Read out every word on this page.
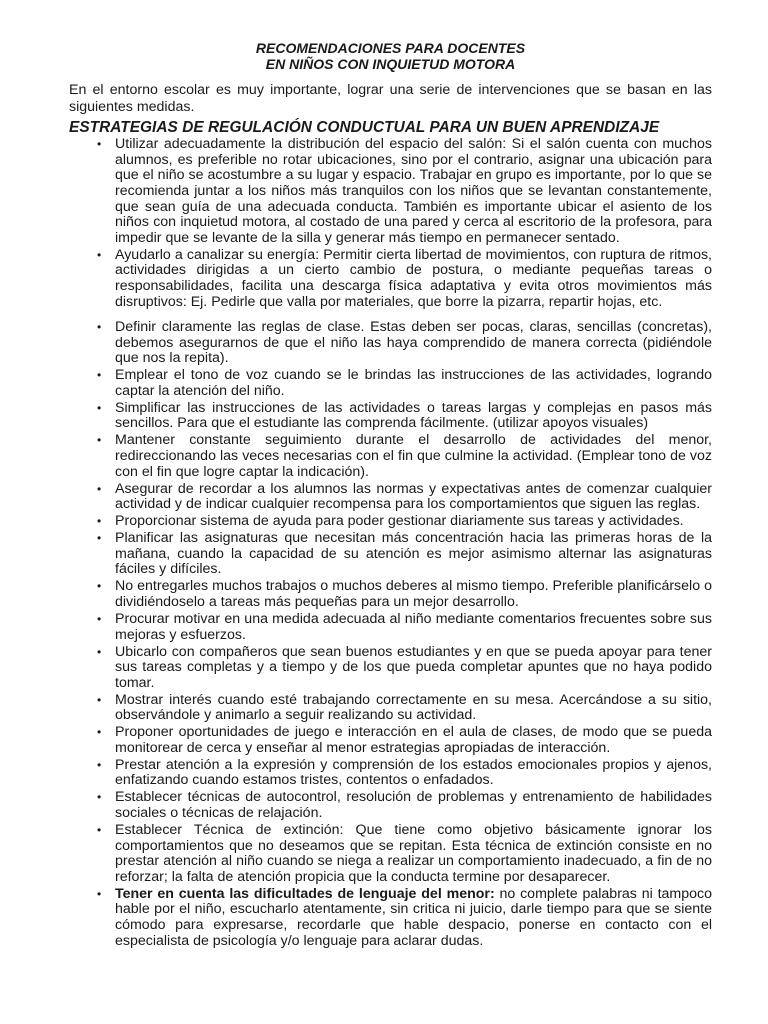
RECOMENDACIONES PARA DOCENTES

EN NIÑOS CON INQUIETUD MOTORA

En el entorno escolar es muy importante, lograr una serie de intervenciones que se basan en las siguientes medidas.

ESTRATEGIAS DE REGULACIÓN CONDUCTUAL PARA UN BUEN APRENDIZAJE

• Utilizar adecuadamente la distribución del espacio del salón: Si el salón cuenta con muchos alumnos, es preferible no rotar ubicaciones, sino por el contrario, asignar una ubicación para que el niño se acostumbre a su lugar y espacio. Trabajar en grupo es importante, por lo que se recomienda juntar a los niños más tranquilos con los niños que se levantan constantemente, que sean guía de una adecuada conducta. También es importante ubicar el asiento de los niños con inquietud motora, al costado de una pared y cerca al escritorio de la profesora, para impedir que se levante de la silla y generar más tiempo en permanecer sentado.
• Ayudarlo a canalizar su energía: Permitir cierta libertad de movimientos, con ruptura de ritmos, actividades dirigidas a un cierto cambio de postura, o mediante pequeñas tareas o responsabilidades, facilita una descarga física adaptativa y evita otros movimientos más disruptivos: Ej. Pedirle que valla por materiales, que borre la pizarra, repartir hojas, etc.
• Definir claramente las reglas de clase. Estas deben ser pocas, claras, sencillas (concretas), debemos asegurarnos de que el niño las haya comprendido de manera correcta (pidiéndole que nos la repita).
• Emplear el tono de voz cuando se le brindas las instrucciones de las actividades, logrando captar la atención del niño.
• Simplificar las instrucciones de las actividades o tareas largas y complejas en pasos más sencillos. Para que el estudiante las comprenda fácilmente. (utilizar apoyos visuales)
• Mantener constante seguimiento durante el desarrollo de actividades del menor, redireccionando las veces necesarias con el fin que culmine la actividad. (Emplear tono de voz con el fin que logre captar la indicación).
• Asegurar de recordar a los alumnos las normas y expectativas antes de comenzar cualquier actividad y de indicar cualquier recompensa para los comportamientos que siguen las reglas.
• Proporcionar sistema de ayuda para poder gestionar diariamente sus tareas y actividades.
• Planificar las asignaturas que necesitan más concentración hacia las primeras horas de la mañana, cuando la capacidad de su atención es mejor asimismo alternar las asignaturas fáciles y difíciles.
• No entregarles muchos trabajos o muchos deberes al mismo tiempo. Preferible planificárselo o dividiéndoselo a tareas más pequeñas para un mejor desarrollo.
• Procurar motivar en una medida adecuada al niño mediante comentarios frecuentes sobre sus mejoras y esfuerzos.
• Ubicarlo con compañeros que sean buenos estudiantes y en que se pueda apoyar para tener sus tareas completas y a tiempo y de los que pueda completar apuntes que no haya podido tomar.
• Mostrar interés cuando esté trabajando correctamente en su mesa. Acercándose a su sitio, observándole y animarlo a seguir realizando su actividad.
• Proponer oportunidades de juego e interacción en el aula de clases, de modo que se pueda monitorear de cerca y enseñar al menor estrategias apropiadas de interacción.
• Prestar atención a la expresión y comprensión de los estados emocionales propios y ajenos, enfatizando cuando estamos tristes, contentos o enfadados.
• Establecer técnicas de autocontrol, resolución de problemas y entrenamiento de habilidades sociales o técnicas de relajación.
• Establecer Técnica de extinción: Que tiene como objetivo básicamente ignorar los comportamientos que no deseamos que se repitan. Esta técnica de extinción consiste en no prestar atención al niño cuando se niega a realizar un comportamiento inadecuado, a fin de no reforzar; la falta de atención propicia que la conducta termine por desaparecer.
• Tener en cuenta las dificultades de lenguaje del menor: no complete palabras ni tampoco hable por el niño, escucharlo atentamente, sin critica ni juicio, darle tiempo para que se siente cómodo para expresarse, recordarle que hable despacio, ponerse en contacto con el especialista de psicología y/o lenguaje para aclarar dudas.
